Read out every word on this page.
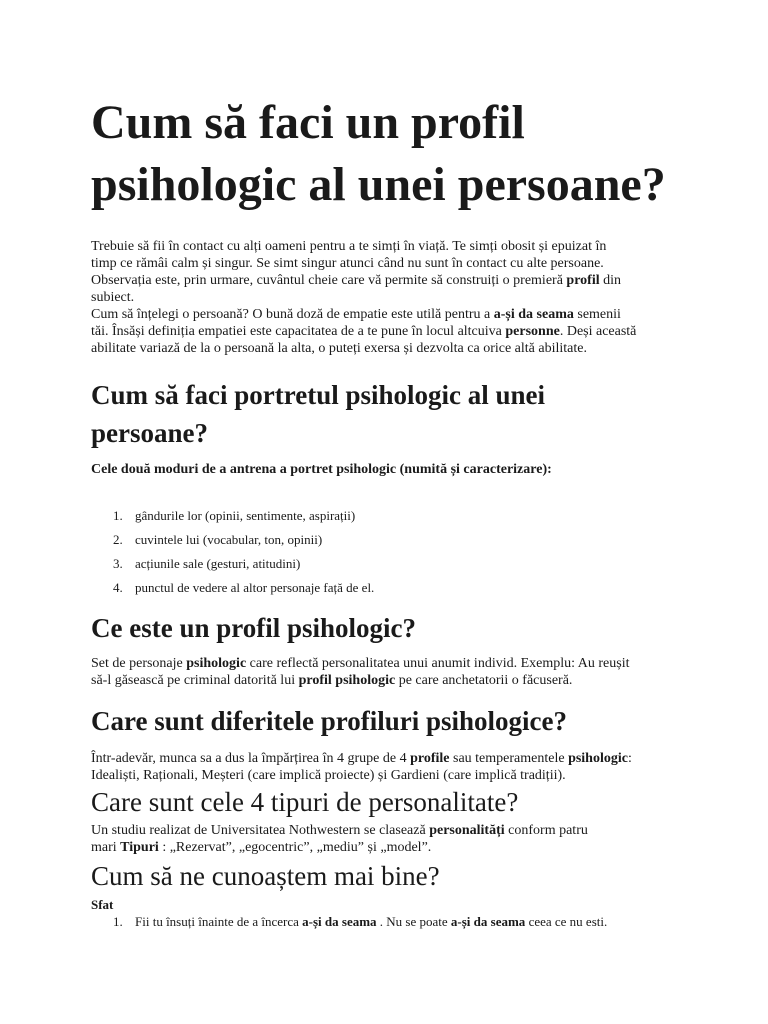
Cum să faci un profil
psihologic al unei persoane?
Trebuie să fii în contact cu alți oameni pentru a te simți în viață. Te simți obosit și epuizat în
timp ce rămâi calm și singur. Se simt singur atunci când nu sunt în contact cu alte persoane.
Observația este, prin urmare, cuvântul cheie care vă permite să construiți o premieră profil din
subiect.
Cum să înțelegi o persoană? O bună doză de empatie este utilă pentru a a-și da seama semenii
tăi. Însăși definiția empatiei este capacitatea de a te pune în locul altcuiva personne. Deși această
abilitate variază de la o persoană la alta, o puteți exersa și dezvolta ca orice altă abilitate.
Cum să faci portretul psihologic al unei
persoane?

Cele două moduri de a antrena a portret psihologic (numită și caracterizare):

1. gândurile lor (opinii, sentimente, aspirații)
2. cuvintele lui (vocabular, ton, opinii)
3. acțiunile sale (gesturi, atitudini)
4. punctul de vedere al altor personaje față de el.
Ce este un profil psihologic?
Set de personaje psihologic care reflectă personalitatea unui anumit individ. Exemplu: Au reușit
să-l găsească pe criminal datorită lui profil psihologic pe care anchetatorii o făcuseră.
Care sunt diferitele profiluri psihologice?
Într-adevăr, munca sa a dus la împărțirea în 4 grupe de 4 profile sau temperamentele psihologic:
Idealiști, Raționali, Meșteri (care implică proiecte) și Gardieni (care implică tradiții).
Care sunt cele 4 tipuri de personalitate?
Un studiu realizat de Universitatea Nothwestern se clasează personalități conform patru
mari Tipuri : „Rezervat”, „egocentric”, „mediu” și „model”.
Cum să ne cunoaștem mai bine?
Sfat
1. Fii tu însuți înainte de a încerca a-și da seama . Nu se poate a-și da seama ceea ce nu esti.
